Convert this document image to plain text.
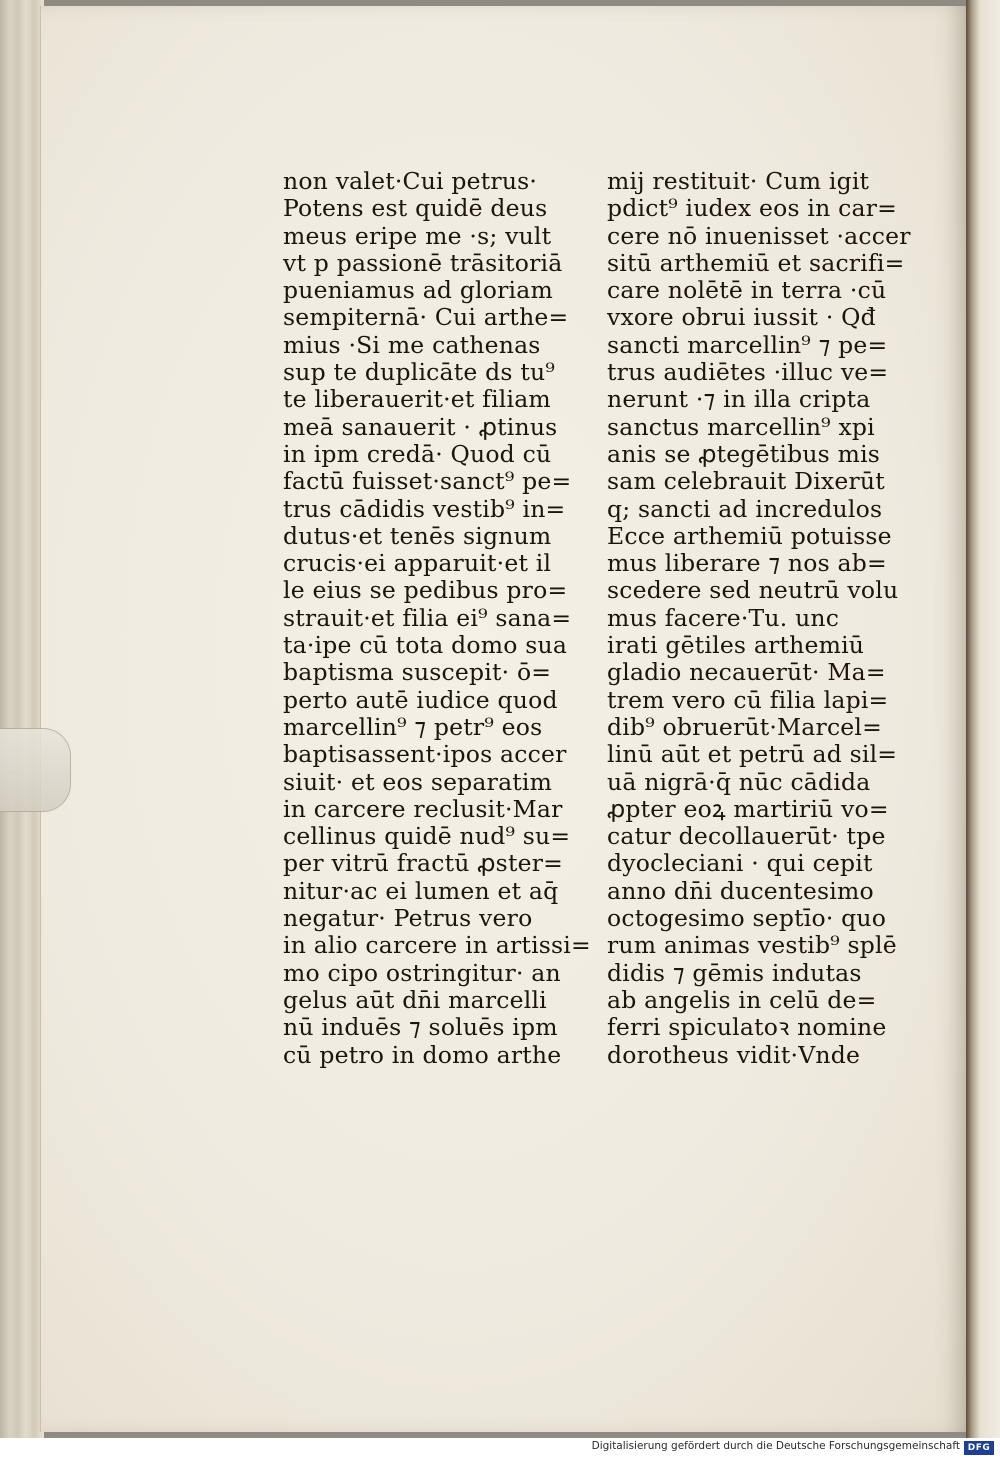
non valet·Cui petrus·
Potens est quidē deus
meus eripe me ·s; vult
vt p passionē trāsitoriā
pueniamus ad gloriam
sempiternā· Cui arthe=
mius ·Si me cathenas
sup te duplicāte ds tu⁹
te liberauerit·et filiam
meā sanauerit · ꝓtinus
in ipm credā· Quod cū
factū fuisset·sanct⁹ pe=
trus cādidis vestib⁹ in=
dutus·et tenēs signum
crucis·ei apparuit·et il
le eius se pedibus pro=
strauit·et filia ei⁹ sana=
ta·ipe cū tota domo sua
baptisma suscepit· ō=
perto autē iudice quod
marcellin⁹ ⁊ petr⁹ eos
baptisassent·ipos accer
siuit· et eos separatim
in carcere reclusit·Mar
cellinus quidē nud⁹ su=
per vitrū fractū ꝓster=
nitur·ac ei lumen et aq̄
negatur· Petrus vero
in alio carcere in artissi=
mo cipo ostringitur· an
gelus aūt dn̄i marcelli
nū induēs ⁊ soluēs ipm
cū petro in domo arthe
mij restituit· Cum igit
pdict⁹ iudex eos in car=
cere nō inuenisset ·accer
sitū arthemiū et sacrifi=
care nolētē in terra ·cū
vxore obrui iussit · Qđ
sancti marcellin⁹ ⁊ pe=
trus audiētes ·illuc ve=
nerunt ·⁊ in illa cripta
sanctus marcellin⁹ xpi
anis se ꝓtegētibus mis
sam celebrauit Dixerūt
q; sancti ad incredulos
Ecce arthemiū potuisse
mus liberare ⁊ nos ab=
scedere sed neutrū volu
mus facere·Tu. unc
irati gētiles arthemiū
gladio necauerūt· Ma=
trem vero cū filia lapi=
dib⁹ obruerūt·Marcel=
linū aūt et petrū ad sil=
uā nigrā·q̄ nūc cādida
ꝓpter eoꝝ martiriū vo=
catur decollauerūt· tpe
dyocleciani · qui cepit
anno dn̄i ducentesimo
octogesimo septīo· quo
rum animas vestib⁹ splē
didis ⁊ gēmis indutas
ab angelis in celū de=
ferri spiculatoꝛ nomine
dorotheus vidit·Vnde
Digitalisierung gefördert durch die Deutsche Forschungsgemeinschaft DFG
